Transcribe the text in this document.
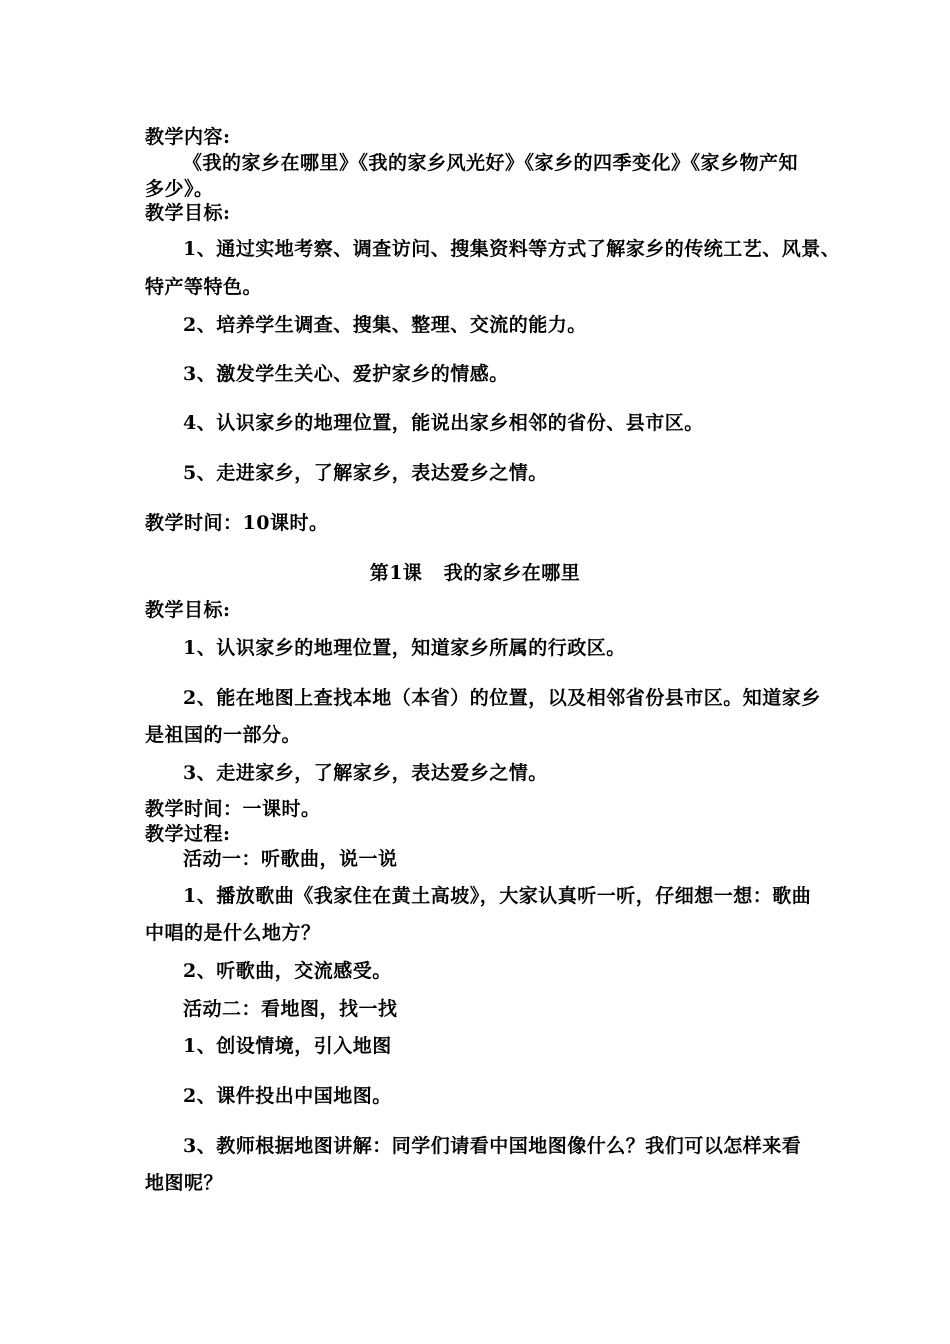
教学内容:
《我的家乡在哪里》《我的家乡风光好》《家乡的四季变化》《家乡物产知
多少》。
教学目标:
1、通过实地考察、调查访问、搜集资料等方式了解家乡的传统工艺、风景、
特产等特色。
2、培养学生调查、搜集、整理、交流的能力。
3、激发学生关心、爱护家乡的情感。
4、认识家乡的地理位置，能说出家乡相邻的省份、县市区。
5、走进家乡，了解家乡，表达爱乡之情。
教学时间：10课时。
第1课   我的家乡在哪里
教学目标:
1、认识家乡的地理位置，知道家乡所属的行政区。
2、能在地图上查找本地（本省）的位置，以及相邻省份县市区。知道家乡
是祖国的一部分。
3、走进家乡，了解家乡，表达爱乡之情。
教学时间：一课时。
教学过程:
活动一：听歌曲，说一说
1、播放歌曲《我家住在黄土高坡》，大家认真听一听，仔细想一想：歌曲
中唱的是什么地方？
2、听歌曲，交流感受。
活动二：看地图，找一找
1、创设情境，引入地图
2、课件投出中国地图。
3、教师根据地图讲解：同学们请看中国地图像什么？我们可以怎样来看
地图呢？
